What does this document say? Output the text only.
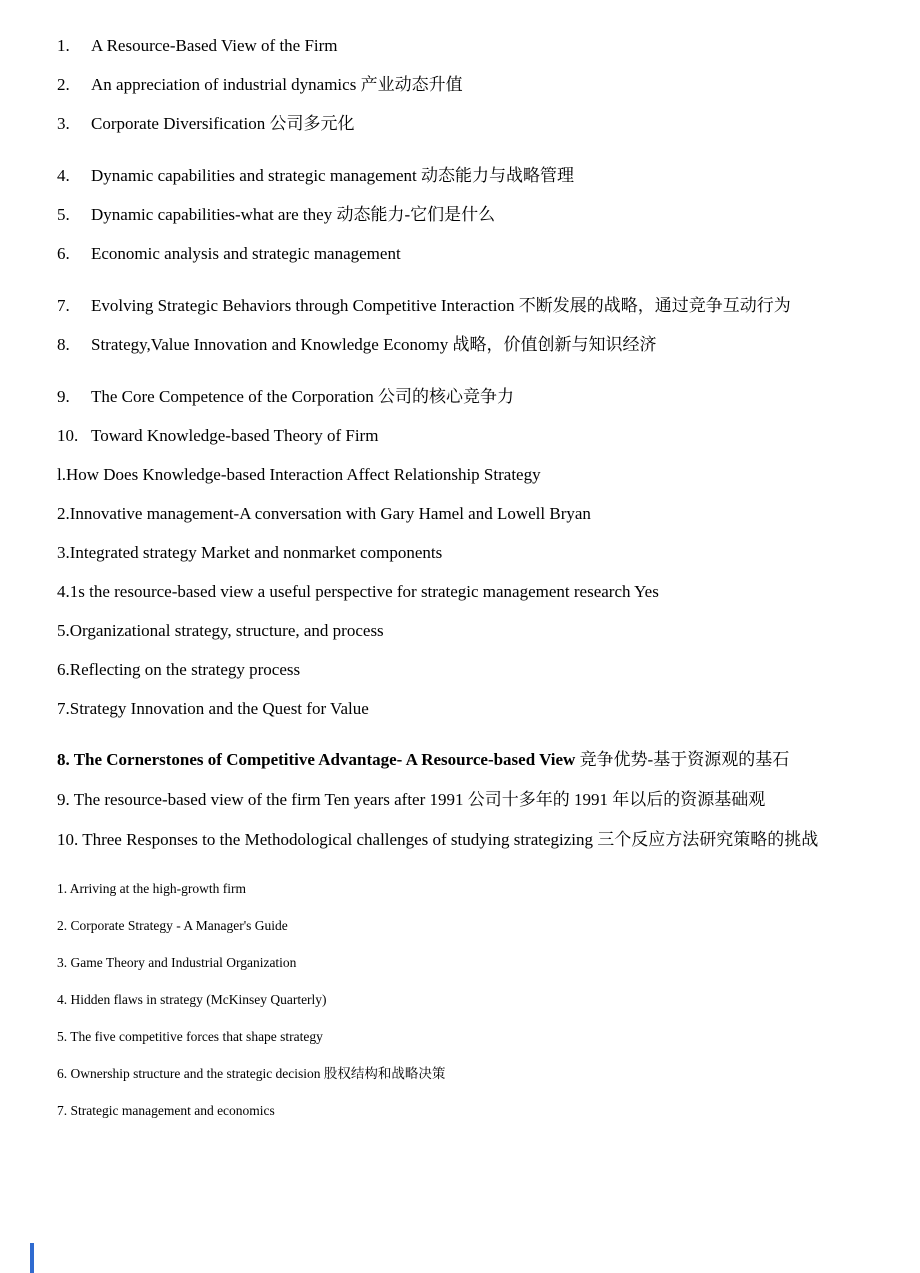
1.	A Resource-Based View of the Firm
2.	An appreciation of industrial dynamics 产业动态升值
3.	Corporate Diversification 公司多元化
4.	Dynamic capabilities and strategic management 动态能力与战略管理
5.	Dynamic capabilities-what are they 动态能力-它们是什么
6.	Economic analysis and strategic management
7.	Evolving Strategic Behaviors through Competitive Interaction 不断发展的战略，通过竞争互动行为
8.	Strategy,Value Innovation and Knowledge Economy 战略，价值创新与知识经济
9.	The Core Competence of the Corporation 公司的核心竞争力
10. Toward Knowledge-based Theory of Firm
l.How Does Knowledge-based Interaction Affect Relationship Strategy
2.Innovative management-A conversation with Gary Hamel and Lowell Bryan
3.Integrated strategy Market and nonmarket components
4.1s the resource-based view a useful perspective for strategic management research Yes
5.Organizational strategy, structure, and process
6.Reflecting on the strategy process
7.Strategy Innovation and the Quest for Value
8. The Cornerstones of Competitive Advantage- A Resource-based View 竞争优势-基于资源观的基石
9. The resource-based view of the firm Ten years after 1991 公司十多年的 1991 年以后的资源基础观
10. Three Responses to the Methodological challenges of studying strategizing 三个反应方法研究策略的挑战
1. Arriving at the high-growth firm
2. Corporate Strategy - A Manager's Guide
3. Game Theory and Industrial Organization
4. Hidden flaws in strategy (McKinsey Quarterly)
5. The five competitive forces that shape strategy
6. Ownership structure and the strategic decision 股权结构和战略决策
7. Strategic management and economics
